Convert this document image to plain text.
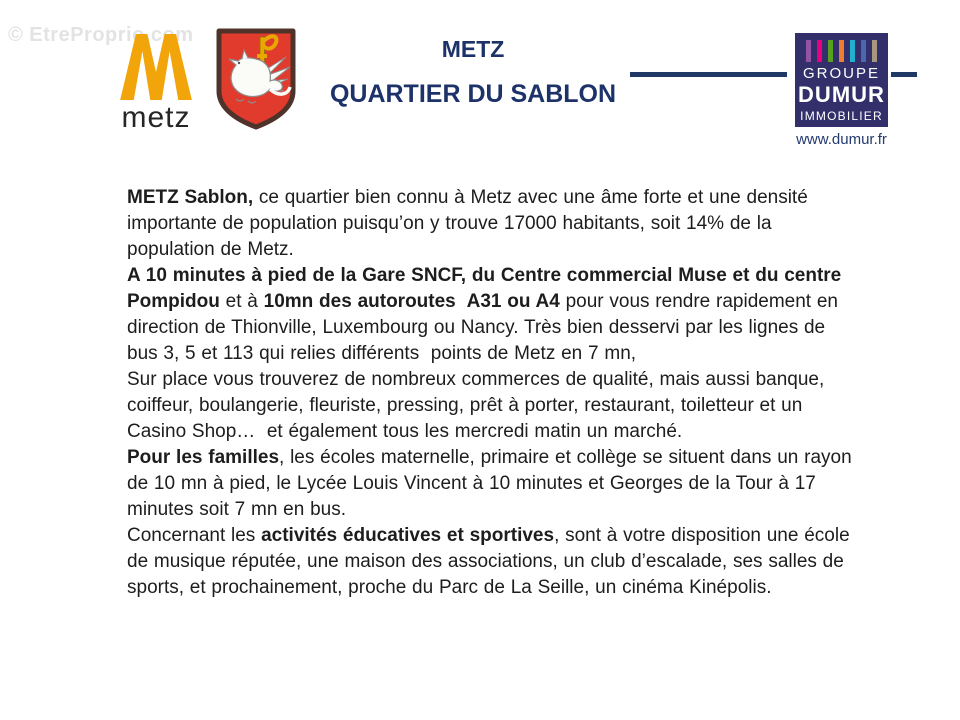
© EtreProprio.com
metz
METZ
QUARTIER DU SABLON
GROUPE
DUMUR
IMMOBILIER
www.dumur.fr
METZ Sablon, ce quartier bien connu à Metz avec une âme forte et une densité
importante de population puisqu’on y trouve 17000 habitants, soit 14% de la
population de Metz.
A 10 minutes à pied de la Gare SNCF, du Centre commercial Muse et du centre
Pompidou et à 10mn des autoroutes  A31 ou A4 pour vous rendre rapidement en
direction de Thionville, Luxembourg ou Nancy. Très bien desservi par les lignes de
bus 3, 5 et 113 qui relies différents  points de Metz en 7 mn,
Sur place vous trouverez de nombreux commerces de qualité, mais aussi banque,
coiffeur, boulangerie, fleuriste, pressing, prêt à porter, restaurant, toiletteur et un
Casino Shop…  et également tous les mercredi matin un marché.
Pour les familles, les écoles maternelle, primaire et collège se situent dans un rayon
de 10 mn à pied, le Lycée Louis Vincent à 10 minutes et Georges de la Tour à 17
minutes soit 7 mn en bus.
Concernant les activités éducatives et sportives, sont à votre disposition une école
de musique réputée, une maison des associations, un club d’escalade, ses salles de
sports, et prochainement, proche du Parc de La Seille, un cinéma Kinépolis.
